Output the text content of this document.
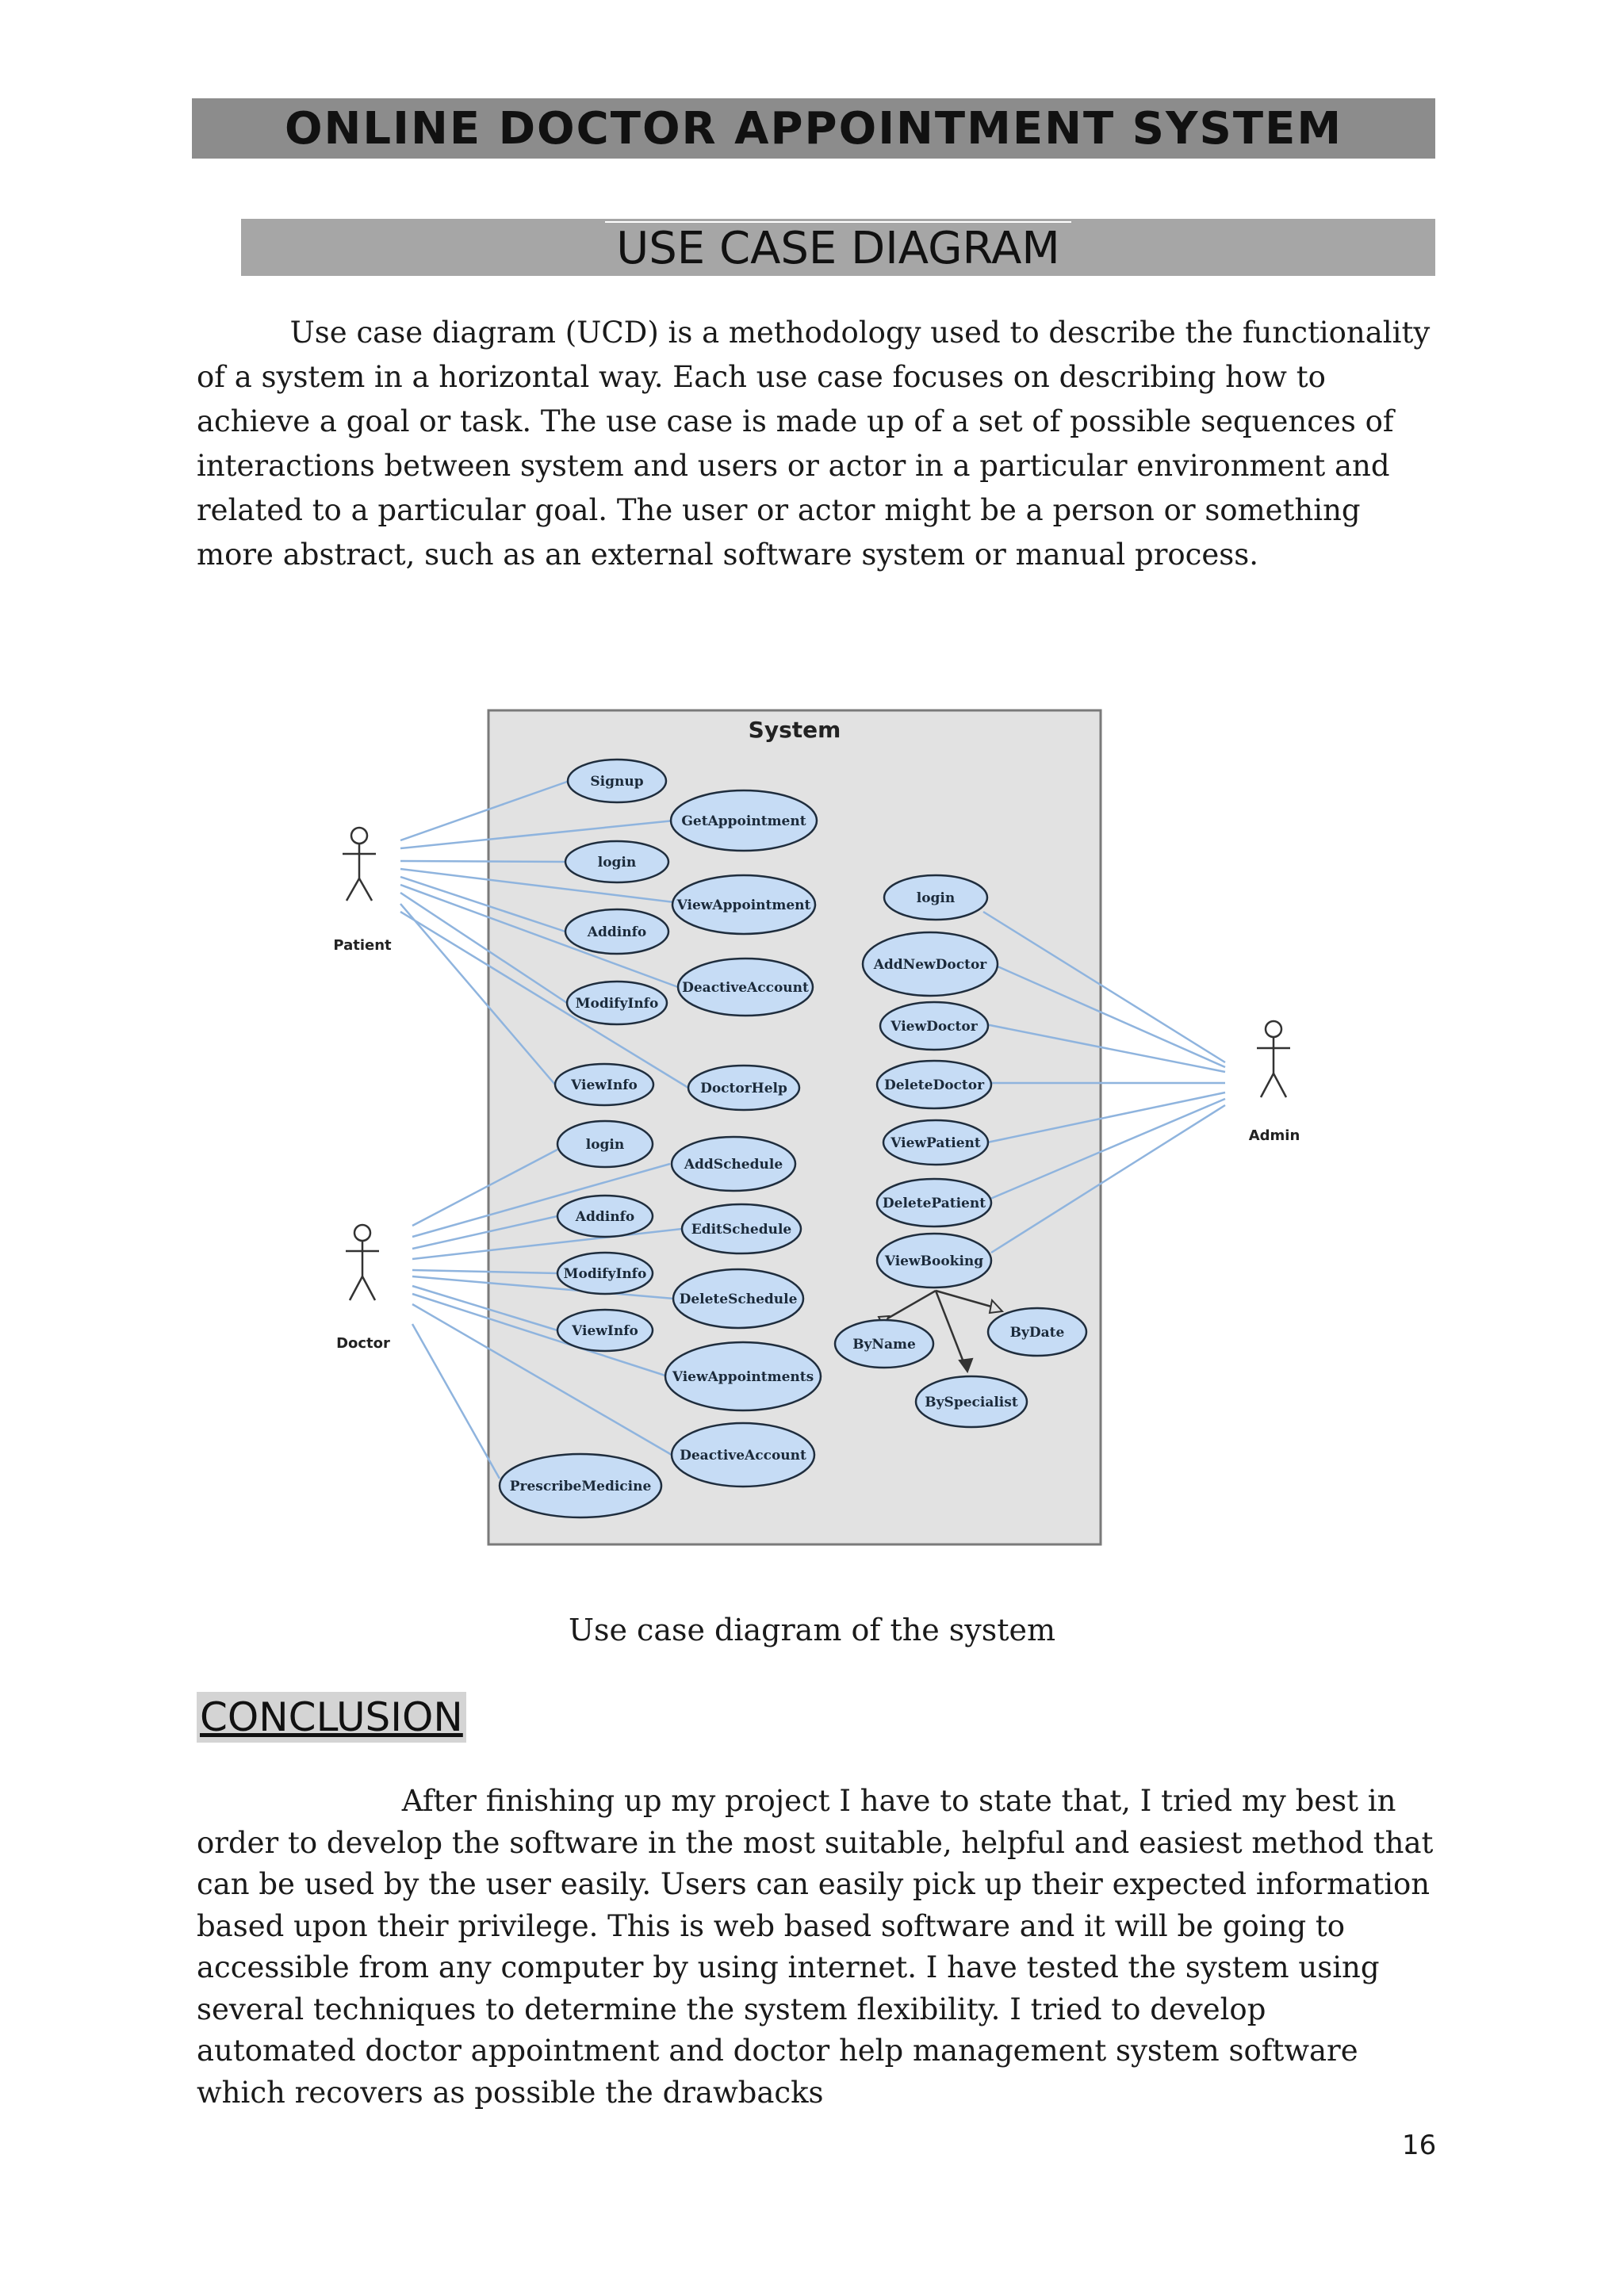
ONLINE DOCTOR APPOINTMENT SYSTEM
USE CASE DIAGRAM

Use case diagram (UCD) is a methodology used to describe the functionality of a system in a horizontal way. Each use case focuses on describing how to achieve a goal or task. The use case is made up of a set of possible sequences of interactions between system and users or actor in a particular environment and related to a particular goal. The user or actor might be a person or something more abstract, such as an external software system or manual process.

System
Signup
GetAppointment
login
ViewAppointment
Addinfo
DeactiveAccount
ModifyInfo
ViewInfo	DoctorHelp
login
AddSchedule
Addinfo
EditSchedule
ModifyInfo
DeleteSchedule
ViewInfo
ViewAppointments
DeactiveAccount
PrescribeMedicine
login
AddNewDoctor
ViewDoctor
DeleteDoctor
ViewPatient
DeletePatient
ViewBooking
ByName
ByDate
BySpecialist
Patient
Doctor
Admin
Use case diagram of the system
CONCLUSION

After finishing up my project I have to state that, I tried my best in order to develop the software in the most suitable, helpful and easiest method that can be used by the user easily. Users can easily pick up their expected information based upon their privilege. This is web based software and it will be going to accessible from any computer by using internet. I have tested the system using several techniques to determine the system flexibility. I tried to develop automated doctor appointment and doctor help management system software which recovers as possible the drawbacks

16
